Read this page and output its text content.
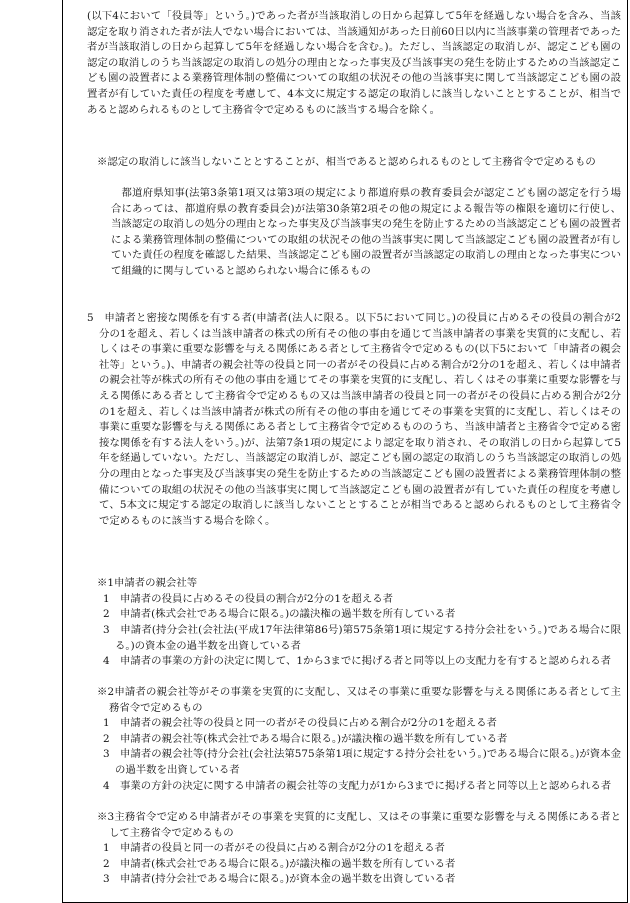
(以下4において「役員等」という。)であった者が当該取消しの日から起算して5年を経過しない場合を含み、当該認定を取り消された者が法人でない場合においては、当該通知があった日前60日以内に当該事業の管理者であった者が当該取消しの日から起算して5年を経過しない場合を含む。)。ただし、当該認定の取消しが、認定こども園の認定の取消しのうち当該認定の取消しの処分の理由となった事実及び当該事実の発生を防止するための当該認定こども園の設置者による業務管理体制の整備についての取組の状況その他の当該事実に関して当該認定こども園の設置者が有していた責任の程度を考慮して、4本文に規定する認定の取消しに該当しないこととすることが、相当であると認められるものとして主務省令で定めるものに該当する場合を除く。

※認定の取消しに該当しないこととすることが、相当であると認められるものとして主務省令で定めるもの

　都道府県知事(法第3条第1項又は第3項の規定により都道府県の教育委員会が認定こども園の認定を行う場合にあっては、都道府県の教育委員会)が法第30条第2項その他の規定による報告等の権限を適切に行使し、当該認定の取消しの処分の理由となった事実及び当該事実の発生を防止するための当該認定こども園の設置者による業務管理体制の整備についての取組の状況その他の当該事実に関して当該認定こども園の設置者が有していた責任の程度を確認した結果、当該認定こども園の設置者が当該認定の取消しの理由となった事実について組織的に関与していると認められない場合に係るもの

5　申請者と密接な関係を有する者(申請者(法人に限る。以下5において同じ。)の役員に占めるその役員の割合が2分の1を超え、若しくは当該申請者の株式の所有その他の事由を通じて当該申請者の事業を実質的に支配し、若しくはその事業に重要な影響を与える関係にある者として主務省令で定めるもの(以下5において「申請者の親会社等」という。)、申請者の親会社等の役員と同一の者がその役員に占める割合が2分の1を超え、若しくは申請者の親会社等が株式の所有その他の事由を通じてその事業を実質的に支配し、若しくはその事業に重要な影響を与える関係にある者として主務省令で定めるもの又は当該申請者の役員と同一の者がその役員に占める割合が2分の1を超え、若しくは当該申請者が株式の所有その他の事由を通じてその事業を実質的に支配し、若しくはその事業に重要な影響を与える関係にある者として主務省令で定めるもののうち、当該申請者と主務省令で定める密接な関係を有する法人をいう。)が、法第7条1項の規定により認定を取り消され、その取消しの日から起算して5年を経過していない。ただし、当該認定の取消しが、認定こども園の認定の取消しのうち当該認定の取消しの処分の理由となった事実及び当該事実の発生を防止するための当該認定こども園の設置者による業務管理体制の整備についての取組の状況その他の当該事実に関して当該認定こども園の設置者が有していた責任の程度を考慮して、5本文に規定する認定の取消しに該当しないこととすることが相当であると認められるものとして主務省令で定めるものに該当する場合を除く。

※1申請者の親会社等

1　申請者の役員に占めるその役員の割合が2分の1を超える者

2　申請者(株式会社である場合に限る。)の議決権の過半数を所有している者

3　申請者(持分会社(会社法(平成17年法律第86号)第575条第1項に規定する持分会社をいう。)である場合に限る。)の資本金の過半数を出資している者

4　申請者の事業の方針の決定に関して、1から3までに掲げる者と同等以上の支配力を有すると認められる者

※2申請者の親会社等がその事業を実質的に支配し、又はその事業に重要な影響を与える関係にある者として主務省令で定めるもの

1　申請者の親会社等の役員と同一の者がその役員に占める割合が2分の1を超える者

2　申請者の親会社等(株式会社である場合に限る。)が議決権の過半数を所有している者

3　申請者の親会社等(持分会社(会社法第575条第1項に規定する持分会社をいう。)である場合に限る。)が資本金の過半数を出資している者

4　事業の方針の決定に関する申請者の親会社等の支配力が1から3までに掲げる者と同等以上と認められる者

※3主務省令で定める申請者がその事業を実質的に支配し、又はその事業に重要な影響を与える関係にある者として主務省令で定めるもの

1　申請者の役員と同一の者がその役員に占める割合が2分の1を超える者

2　申請者(株式会社である場合に限る。)が議決権の過半数を所有している者

3　申請者(持分会社である場合に限る。)が資本金の過半数を出資している者
